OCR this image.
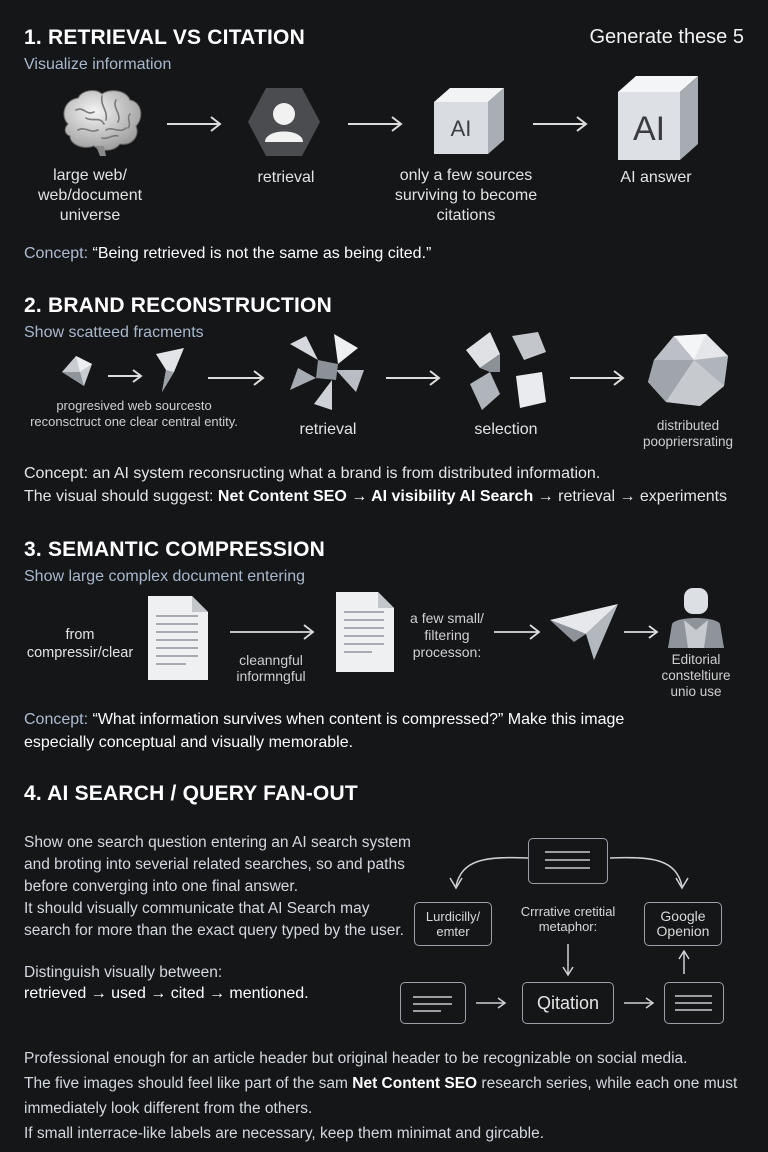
1. RETRIEVAL VS CITATION	Generate these 5
Visualize information
AI	AI
large web/
web/document
universe
retrieval	only a few sources
surviving to become
citations
AI answer
Concept: “Being retrieved is not the same as being cited.”
2. BRAND RECONSTRUCTION
Show scatteed fracments
progresived web sourcesto
reconsctruct one clear central entity.	retrieval	selection	distributed
poopriersrating
Concept: an AI system reconsructing what a brand is from distributed information.
The visual should suggest: Net Content SEO → AI visibility AI Search → retrieval → experiments
3. SEMANTIC COMPRESSION
Show large complex document entering
from
compressir/clear	cleanngful
informngful
a few small/
filtering
processon:	Editorial
consteltiure
unio use
Concept: “What information survives when content is compressed?” Make this image
especially conceptual and visually memorable.
4. AI SEARCH / QUERY FAN-OUT
Show one search question entering an AI search system
and broting into severial related searches, so and paths
before converging into one final answer.
It should visually communicate that AI Search may
search for more than the exact query typed by the user.
Distinguish visually between:
retrieved → used → cited → mentioned.
Lurdicilly/
emter
Crrrative cretitial
metaphor:
Google
Openion
Qitation
Professional enough for an article header but original header to be recognizable on social media.
The five images should feel like part of the sam Net Content SEO research series, while each one must
immediately look different from the others.
If small interrace-like labels are necessary, keep them minimat and gircable.
